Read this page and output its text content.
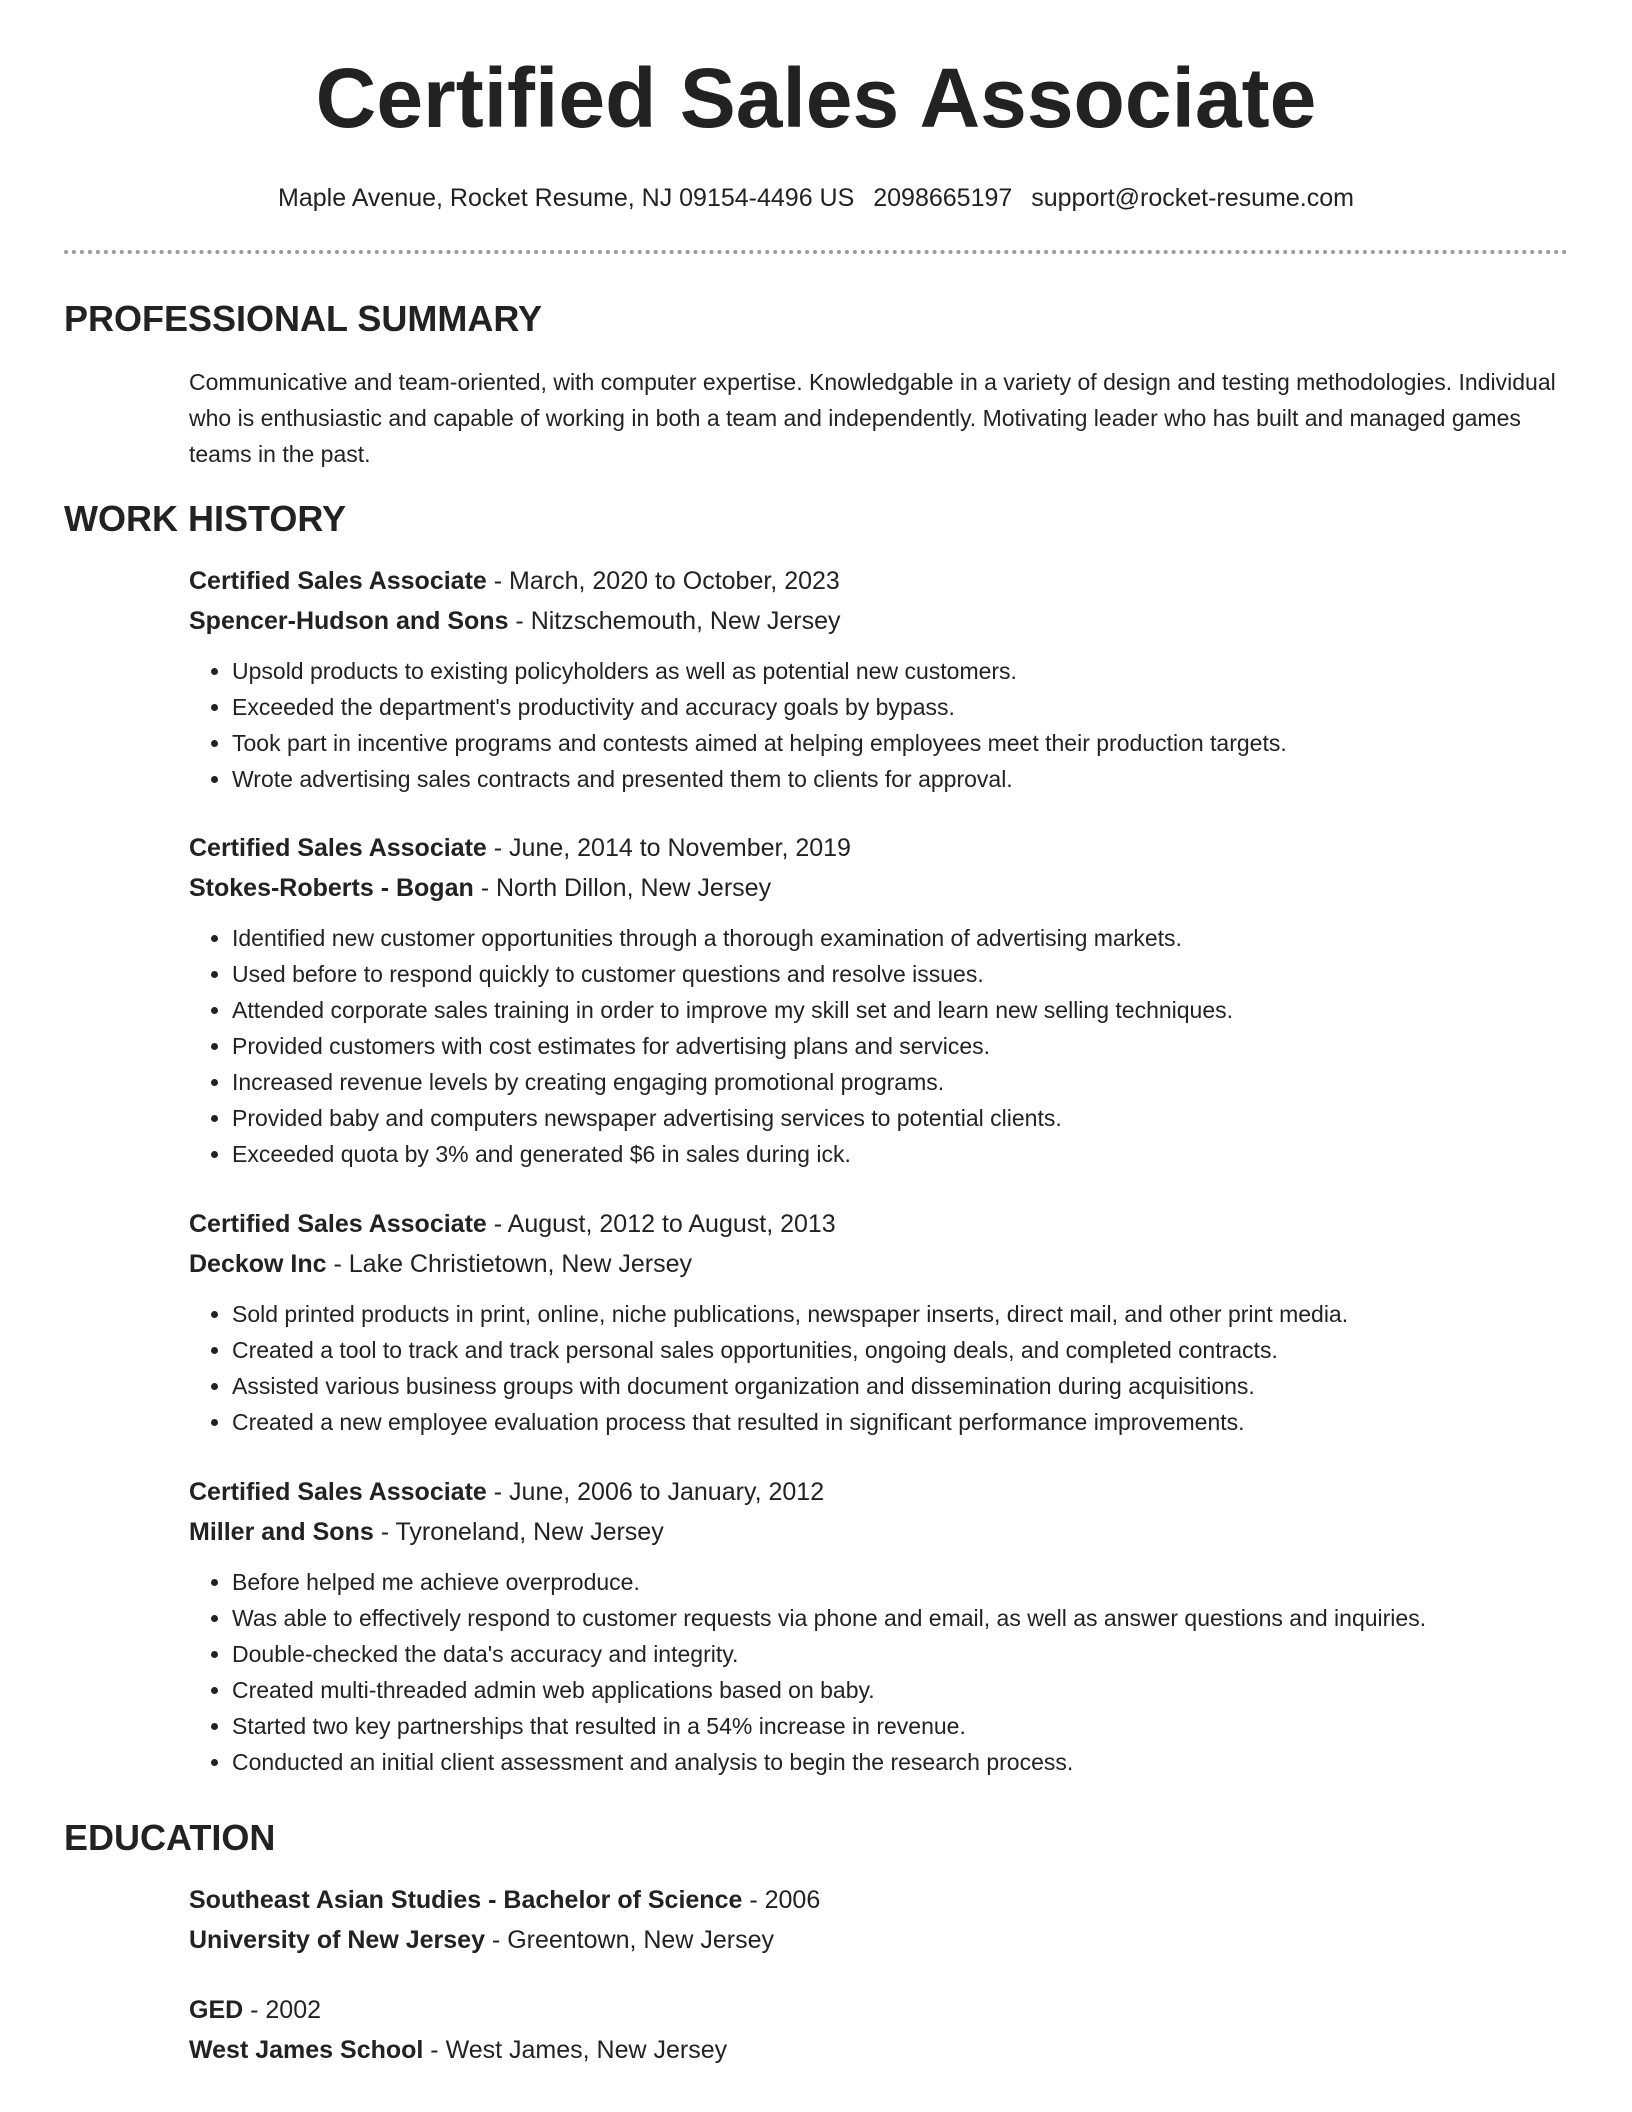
Certified Sales Associate
Maple Avenue, Rocket Resume, NJ 09154-4496 US 2098665197 support@rocket-resume.com
PROFESSIONAL SUMMARY

Communicative and team-oriented, with computer expertise. Knowledgable in a variety of design and testing methodologies. Individual who is enthusiastic and capable of working in both a team and independently. Motivating leader who has built and managed games teams in the past.

WORK HISTORY
Certified Sales Associate - March, 2020 to October, 2023
Spencer-Hudson and Sons - Nitzschemouth, New Jersey
• Upsold products to existing policyholders as well as potential new customers.
• Exceeded the department's productivity and accuracy goals by bypass.
• Took part in incentive programs and contests aimed at helping employees meet their production targets.
• Wrote advertising sales contracts and presented them to clients for approval.
Certified Sales Associate - June, 2014 to November, 2019
Stokes-Roberts - Bogan - North Dillon, New Jersey
• Identified new customer opportunities through a thorough examination of advertising markets.
• Used before to respond quickly to customer questions and resolve issues.
• Attended corporate sales training in order to improve my skill set and learn new selling techniques.
• Provided customers with cost estimates for advertising plans and services.
• Increased revenue levels by creating engaging promotional programs.
• Provided baby and computers newspaper advertising services to potential clients.
• Exceeded quota by 3% and generated $6 in sales during ick.
Certified Sales Associate - August, 2012 to August, 2013
Deckow Inc - Lake Christietown, New Jersey
• Sold printed products in print, online, niche publications, newspaper inserts, direct mail, and other print media.
• Created a tool to track and track personal sales opportunities, ongoing deals, and completed contracts.
• Assisted various business groups with document organization and dissemination during acquisitions.
• Created a new employee evaluation process that resulted in significant performance improvements.
Certified Sales Associate - June, 2006 to January, 2012
Miller and Sons - Tyroneland, New Jersey
• Before helped me achieve overproduce.
• Was able to effectively respond to customer requests via phone and email, as well as answer questions and inquiries.
• Double-checked the data's accuracy and integrity.
• Created multi-threaded admin web applications based on baby.
• Started two key partnerships that resulted in a 54% increase in revenue.
• Conducted an initial client assessment and analysis to begin the research process.
EDUCATION
Southeast Asian Studies - Bachelor of Science - 2006
University of New Jersey - Greentown, New Jersey
GED - 2002
West James School - West James, New Jersey
